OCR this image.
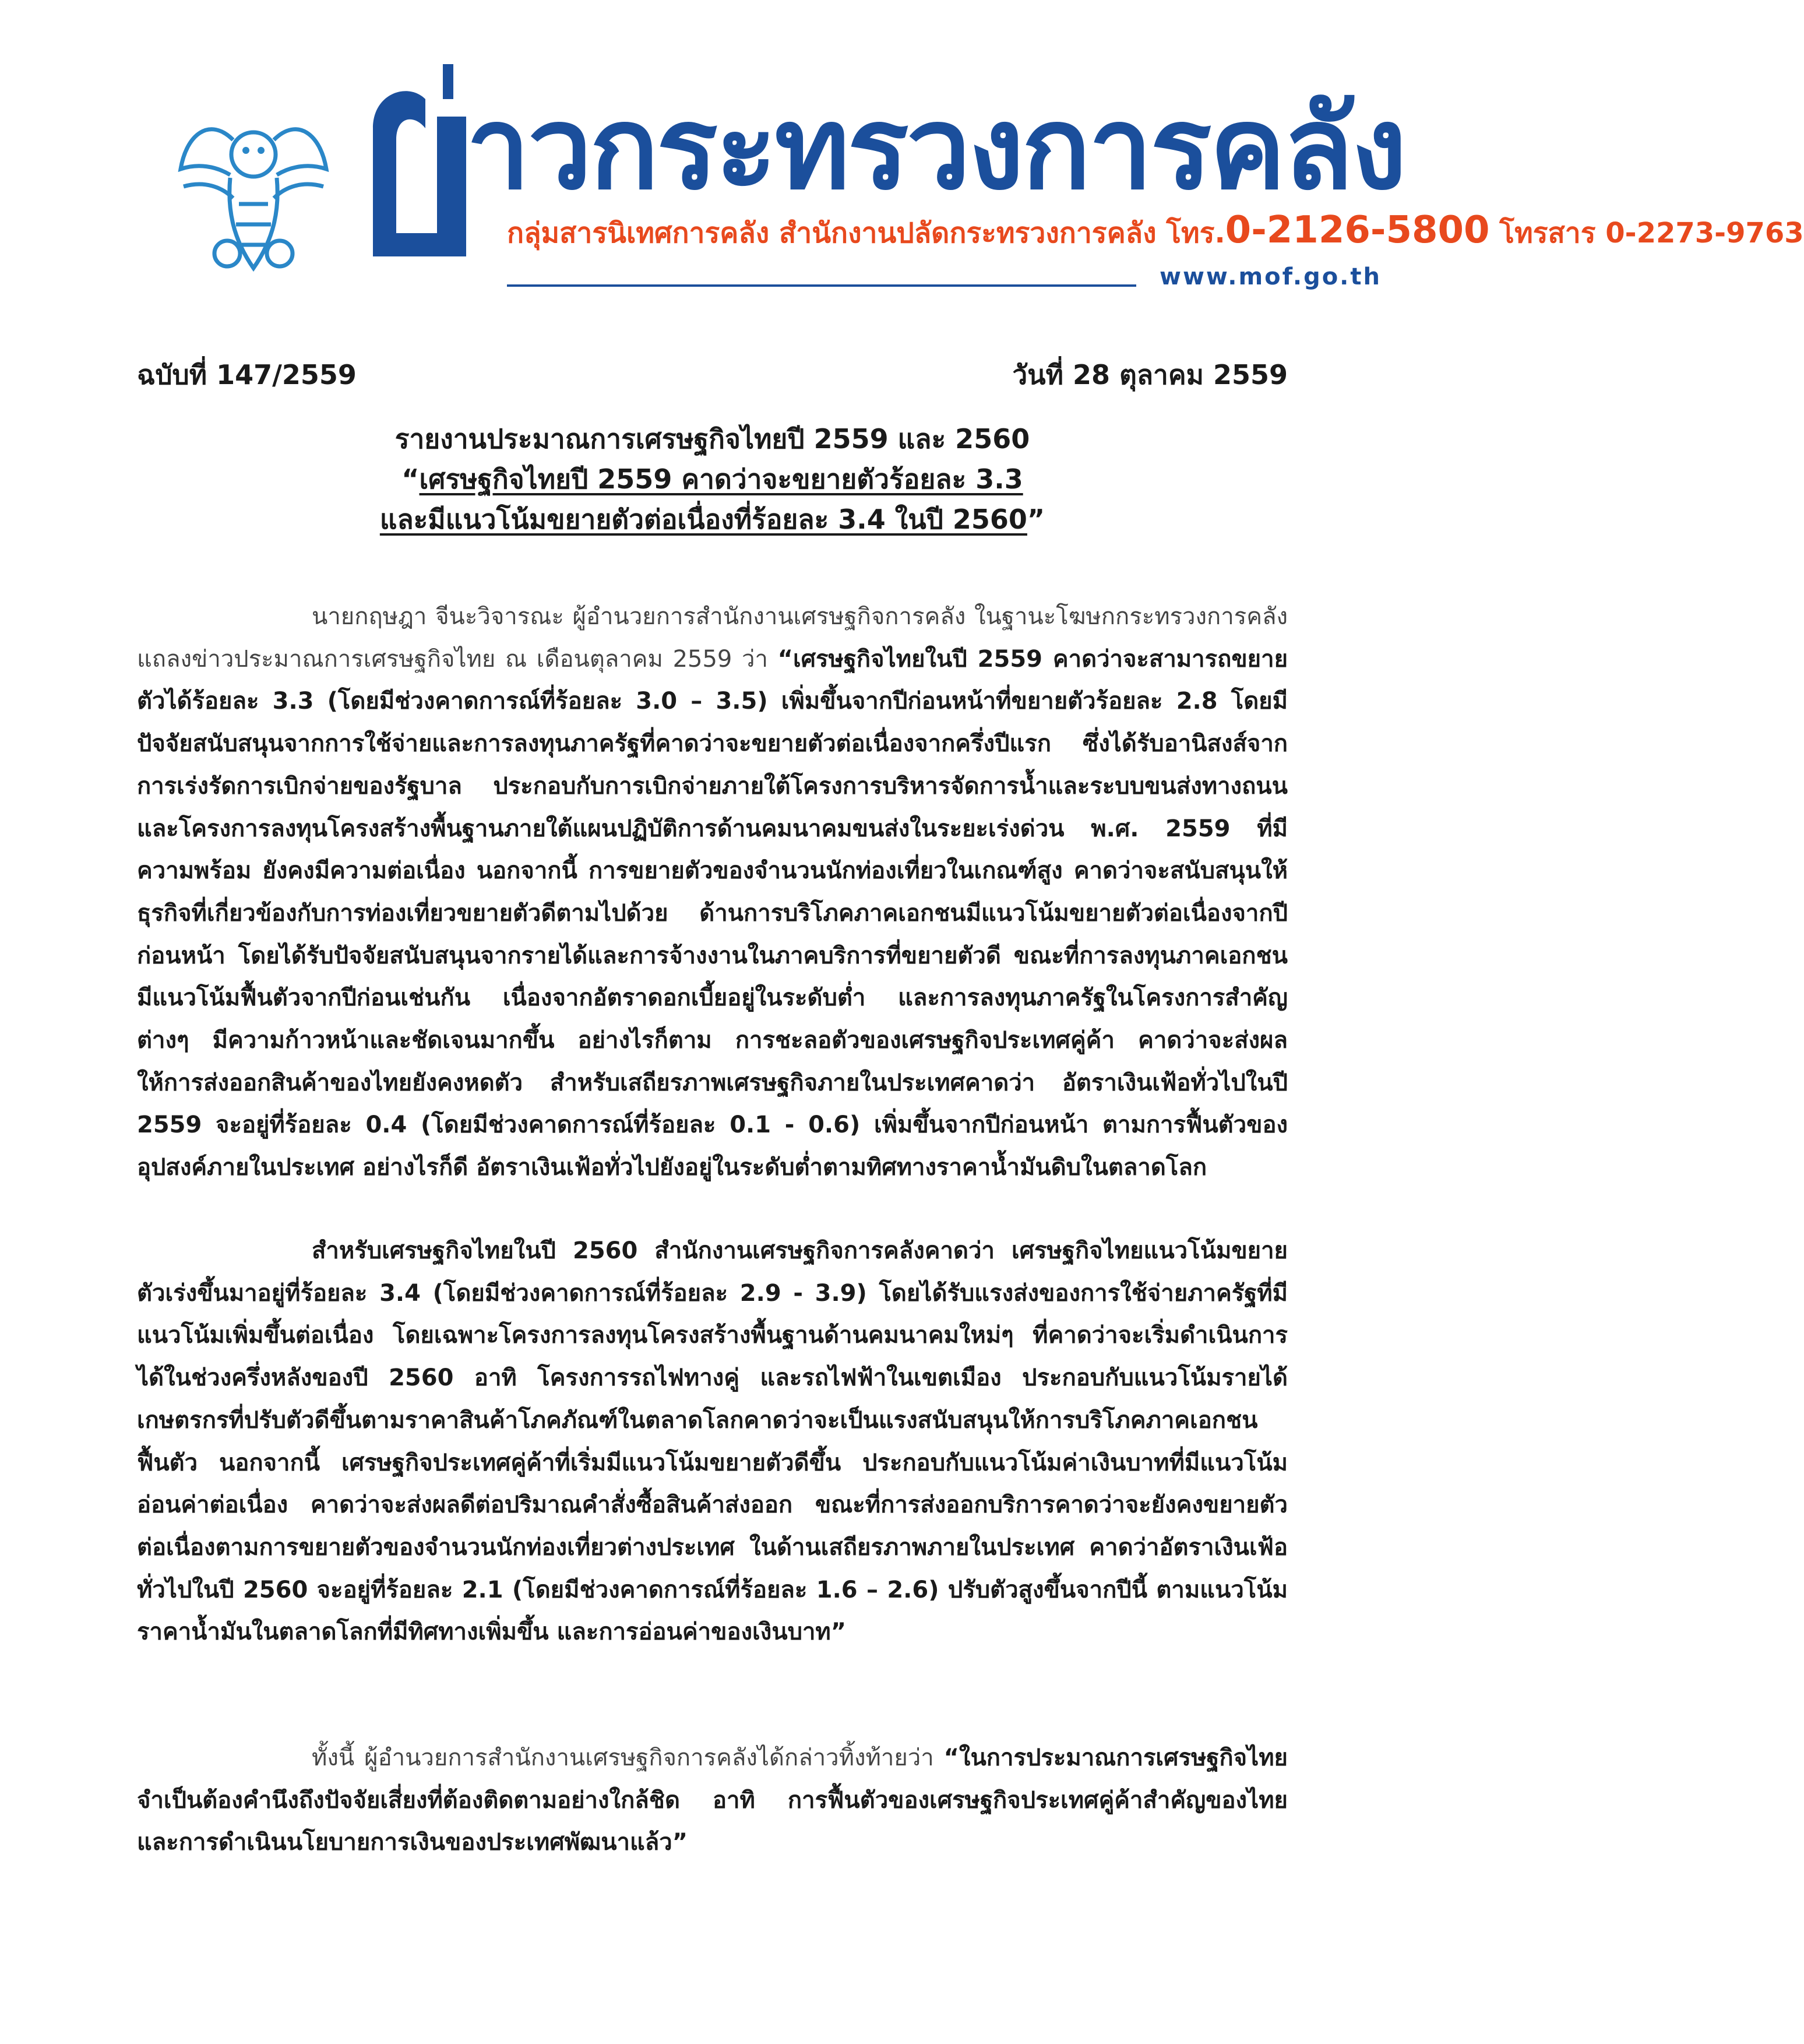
าวกระทรวงการคลัง
กลุ่มสารนิเทศการคลัง สำนักงานปลัดกระทรวงการคลัง โทร.0-2126-5800 โทรสาร 0-2273-9763
www.mof.go.th
ฉบับที่ 147/2559	วันที่ 28 ตุลาคม 2559
รายงานประมาณการเศรษฐกิจไทยปี 2559 และ 2560
“เศรษฐกิจไทยปี 2559 คาดว่าจะขยายตัวร้อยละ 3.3
และมีแนวโน้มขยายตัวต่อเนื่องที่ร้อยละ 3.4 ในปี 2560”

นายกฤษฎา จีนะวิจารณะ ผู้อำนวยการสำนักงานเศรษฐกิจการคลัง ในฐานะโฆษกกระทรวงการคลัง แถลงข่าวประมาณการเศรษฐกิจไทย ณ เดือนตุลาคม 2559 ว่า “เศรษฐกิจไทยในปี 2559 คาดว่าจะสามารถขยายตัวได้ร้อยละ 3.3 (โดยมีช่วงคาดการณ์ที่ร้อยละ 3.0 – 3.5) เพิ่มขึ้นจากปีก่อนหน้าที่ขยายตัวร้อยละ 2.8 โดยมีปัจจัยสนับสนุนจากการใช้จ่ายและการลงทุนภาครัฐที่คาดว่าจะขยายตัวต่อเนื่องจากครึ่งปีแรก ซึ่งได้รับอานิสงส์จากการเร่งรัดการเบิกจ่ายของรัฐบาล ประกอบกับการเบิกจ่ายภายใต้โครงการบริหารจัดการน้ำและระบบขนส่งทางถนน และโครงการลงทุนโครงสร้างพื้นฐานภายใต้แผนปฏิบัติการด้านคมนาคมขนส่งในระยะเร่งด่วน พ.ศ. 2559 ที่มีความพร้อม ยังคงมีความต่อเนื่อง นอกจากนี้ การขยายตัวของจำนวนนักท่องเที่ยวในเกณฑ์สูง คาดว่าจะสนับสนุนให้ธุรกิจที่เกี่ยวข้องกับการท่องเที่ยวขยายตัวดีตามไปด้วย ด้านการบริโภคภาคเอกชนมีแนวโน้มขยายตัวต่อเนื่องจากปีก่อนหน้า โดยได้รับปัจจัยสนับสนุนจากรายได้และการจ้างงานในภาคบริการที่ขยายตัวดี ขณะที่การลงทุนภาคเอกชนมีแนวโน้มฟื้นตัวจากปีก่อนเช่นกัน เนื่องจากอัตราดอกเบี้ยอยู่ในระดับต่ำ และการลงทุนภาครัฐในโครงการสำคัญต่างๆ มีความก้าวหน้าและชัดเจนมากขึ้น อย่างไรก็ตาม การชะลอตัวของเศรษฐกิจประเทศคู่ค้า คาดว่าจะส่งผลให้การส่งออกสินค้าของไทยยังคงหดตัว สำหรับเสถียรภาพเศรษฐกิจภายในประเทศคาดว่า อัตราเงินเฟ้อทั่วไปในปี 2559 จะอยู่ที่ร้อยละ 0.4 (โดยมีช่วงคาดการณ์ที่ร้อยละ 0.1 - 0.6) เพิ่มขึ้นจากปีก่อนหน้า ตามการฟื้นตัวของอุปสงค์ภายในประเทศ อย่างไรก็ดี อัตราเงินเฟ้อทั่วไปยังอยู่ในระดับต่ำตามทิศทางราคาน้ำมันดิบในตลาดโลก

สำหรับเศรษฐกิจไทยในปี 2560 สำนักงานเศรษฐกิจการคลังคาดว่า เศรษฐกิจไทยแนวโน้มขยายตัวเร่งขึ้นมาอยู่ที่ร้อยละ 3.4 (โดยมีช่วงคาดการณ์ที่ร้อยละ 2.9 - 3.9) โดยได้รับแรงส่งของการใช้จ่ายภาครัฐที่มีแนวโน้มเพิ่มขึ้นต่อเนื่อง โดยเฉพาะโครงการลงทุนโครงสร้างพื้นฐานด้านคมนาคมใหม่ๆ ที่คาดว่าจะเริ่มดำเนินการได้ในช่วงครึ่งหลังของปี 2560 อาทิ โครงการรถไฟทางคู่ และรถไฟฟ้าในเขตเมือง ประกอบกับแนวโน้มรายได้เกษตรกรที่ปรับตัวดีขึ้นตามราคาสินค้าโภคภัณฑ์ในตลาดโลกคาดว่าจะเป็นแรงสนับสนุนให้การบริโภคภาคเอกชนฟื้นตัว นอกจากนี้ เศรษฐกิจประเทศคู่ค้าที่เริ่มมีแนวโน้มขยายตัวดีขึ้น ประกอบกับแนวโน้มค่าเงินบาทที่มีแนวโน้มอ่อนค่าต่อเนื่อง คาดว่าจะส่งผลดีต่อปริมาณคำสั่งซื้อสินค้าส่งออก ขณะที่การส่งออกบริการคาดว่าจะยังคงขยายตัวต่อเนื่องตามการขยายตัวของจำนวนนักท่องเที่ยวต่างประเทศ ในด้านเสถียรภาพภายในประเทศ คาดว่าอัตราเงินเฟ้อทั่วไปในปี 2560 จะอยู่ที่ร้อยละ 2.1 (โดยมีช่วงคาดการณ์ที่ร้อยละ 1.6 – 2.6) ปรับตัวสูงขึ้นจากปีนี้ ตามแนวโน้มราคาน้ำมันในตลาดโลกที่มีทิศทางเพิ่มขึ้น และการอ่อนค่าของเงินบาท”

ทั้งนี้ ผู้อำนวยการสำนักงานเศรษฐกิจการคลังได้กล่าวทิ้งท้ายว่า “ในการประมาณการเศรษฐกิจไทยจำเป็นต้องคำนึงถึงปัจจัยเสี่ยงที่ต้องติดตามอย่างใกล้ชิด อาทิ การฟื้นตัวของเศรษฐกิจประเทศคู่ค้าสำคัญของไทย และการดำเนินนโยบายการเงินของประเทศพัฒนาแล้ว”
